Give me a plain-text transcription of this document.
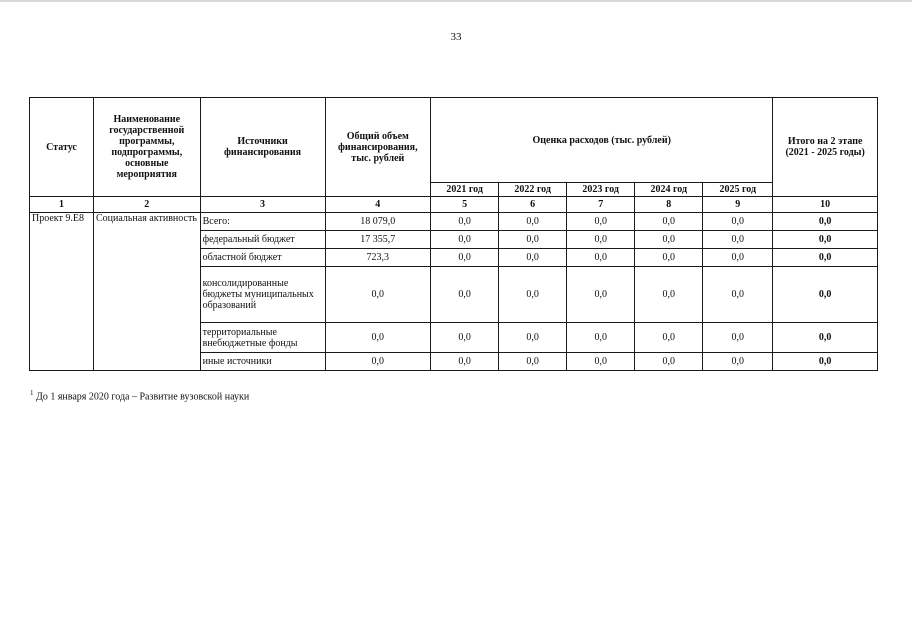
33
Статус	Наименование государственной программы, подпрограммы, основные мероприятия	Источники финансирования	Общий объем финансирования, тыс. рублей	Оценка расходов (тыс. рублей)					Итого на 2 этапе (2021 - 2025 годы)
				2021 год	2022 год	2023 год	2024 год	2025 год	
1	2	3	4	5	6	7	8	9	10
Проект 9.Е8	Социальная активность	Всего:	18 079,0	0,0	0,0	0,0	0,0	0,0	0,0
		федеральный бюджет	17 355,7	0,0	0,0	0,0	0,0	0,0	0,0
		областной бюджет	723,3	0,0	0,0	0,0	0,0	0,0	0,0
		консолидированные бюджеты муниципальных образований	0,0	0,0	0,0	0,0	0,0	0,0	0,0
		территориальные внебюджетные фонды	0,0	0,0	0,0	0,0	0,0	0,0	0,0
		иные источники	0,0	0,0	0,0	0,0	0,0	0,0	0,0
$^1$ До 1 января 2020 года – Развитие вузовской науки
